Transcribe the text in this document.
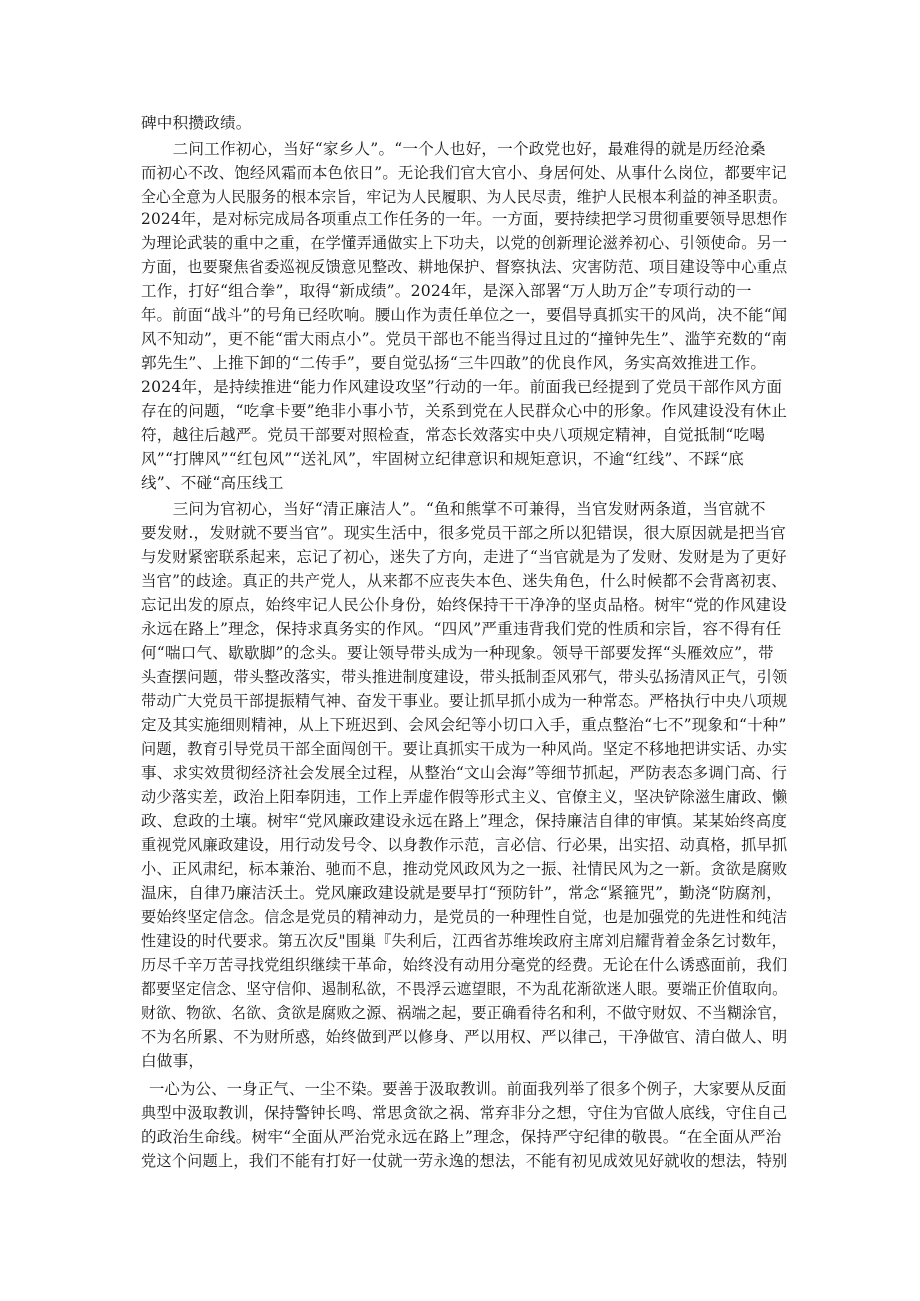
碑中积攒政绩。
　　二问工作初心，当好“家乡人”。“一个人也好，一个政党也好，最难得的就是历经沧桑
而初心不改、饱经风霜而本色依日”。无论我们官大官小、身居何处、从事什么岗位，都要牢记
全心全意为人民服务的根本宗旨，牢记为人民履职、为人民尽责，维护人民根本利益的神圣职责。
2024年，是对标完成局各项重点工作任务的一年。一方面，要持续把学习贯彻重要领导思想作
为理论武装的重中之重，在学懂弄通做实上下功夫，以党的创新理论滋养初心、引领使命。另一
方面，也要聚焦省委巡视反馈意见整改、耕地保护、督察执法、灾害防范、项目建设等中心重点
工作，打好“组合拳”，取得“新成绩”。2024年，是深入部署“万人助万企”专项行动的一
年。前面“战斗”的号角已经吹响。腰山作为责任单位之一，要倡导真抓实干的风尚，决不能“闻
风不知动”，更不能“雷大雨点小”。党员干部也不能当得过且过的“撞钟先生”、滥竽充数的“南
郭先生”、上推下卸的“二传手”，要自觉弘扬“三牛四敢”的优良作风，务实高效推进工作。
2024年，是持续推进“能力作风建设攻坚”行动的一年。前面我已经提到了党员干部作风方面
存在的问题，“吃拿卡要”绝非小事小节，关系到党在人民群众心中的形象。作风建设没有休止
符，越往后越严。党员干部要对照检查，常态长效落实中央八项规定精神，自觉抵制“吃喝
风”“打牌风”“红包风”“送礼风”，牢固树立纪律意识和规矩意识，不逾“红线”、不踩“底
线”、不碰“高压线工
　　三问为官初心，当好“清正廉洁人”。“鱼和熊掌不可兼得，当官发财两条道，当官就不
要发财.，发财就不要当官”。现实生活中，很多党员干部之所以犯错误，很大原因就是把当官
与发财紧密联系起来，忘记了初心，迷失了方向，走进了“当官就是为了发财、发财是为了更好
当官”的歧途。真正的共产党人，从来都不应丧失本色、迷失角色，什么时候都不会背离初衷、
忘记出发的原点，始终牢记人民公仆身份，始终保持干干净净的坚贞品格。树牢“党的作风建设
永远在路上”理念，保持求真务实的作风。“四风”严重违背我们党的性质和宗旨，容不得有任
何“喘口气、歇歇脚”的念头。要让领导带头成为一种现象。领导干部要发挥“头雁效应”，带
头查摆问题，带头整改落实，带头推进制度建设，带头抵制歪风邪气，带头弘扬清风正气，引领
带动广大党员干部提振精气神、奋发干事业。要让抓早抓小成为一种常态。严格执行中央八项规
定及其实施细则精神，从上下班迟到、会风会纪等小切口入手，重点整治“七不”现象和“十种”
问题，教育引导党员干部全面闯创干。要让真抓实干成为一种风尚。坚定不移地把讲实话、办实
事、求实效贯彻经济社会发展全过程，从整治“文山会海”等细节抓起，严防表态多调门高、行
动少落实差，政治上阳奉阴违，工作上弄虚作假等形式主义、官僚主义，坚决铲除滋生庸政、懒
政、怠政的土壤。树牢“党风廉政建设永远在路上”理念，保持廉洁自律的审慎。某某始终高度
重视党风廉政建设，用行动发号令、以身教作示范，言必信、行必果，出实招、动真格，抓早抓
小、正风肃纪，标本兼治、驰而不息，推动党风政风为之一振、社情民风为之一新。贪欲是腐败
温床，自律乃廉洁沃土。党风廉政建设就是要早打“预防针”，常念“紧箍咒”，勤浇“防腐剂，
要始终坚定信念。信念是党员的精神动力，是党员的一种理性自觉，也是加强党的先进性和纯洁
性建设的时代要求。第五次反"围巢『失利后，江西省苏维埃政府主席刘启耀背着金条乞讨数年，
历尽千辛万苦寻找党组织继续干革命，始终没有动用分毫党的经费。无论在什么诱惑面前，我们
都要坚定信念、坚守信仰、遏制私欲，不畏浮云遮望眼，不为乱花渐欲迷人眼。要端正价值取向。
财欲、物欲、名欲、贪欲是腐败之源、祸端之起，要正确看待名和利，不做守财奴、不当糊涂官，
不为名所累、不为财所惑，始终做到严以修身、严以用权、严以律己，干净做官、清白做人、明
白做事，
一心为公、一身正气、一尘不染。要善于汲取教训。前面我列举了很多个例子，大家要从反面
典型中汲取教训，保持警钟长鸣、常思贪欲之祸、常弃非分之想，守住为官做人底线，守住自己
的政治生命线。树牢“全面从严治党永远在路上”理念，保持严守纪律的敬畏。“在全面从严治
党这个问题上，我们不能有打好一仗就一劳永逸的想法，不能有初见成效见好就收的想法，特别
